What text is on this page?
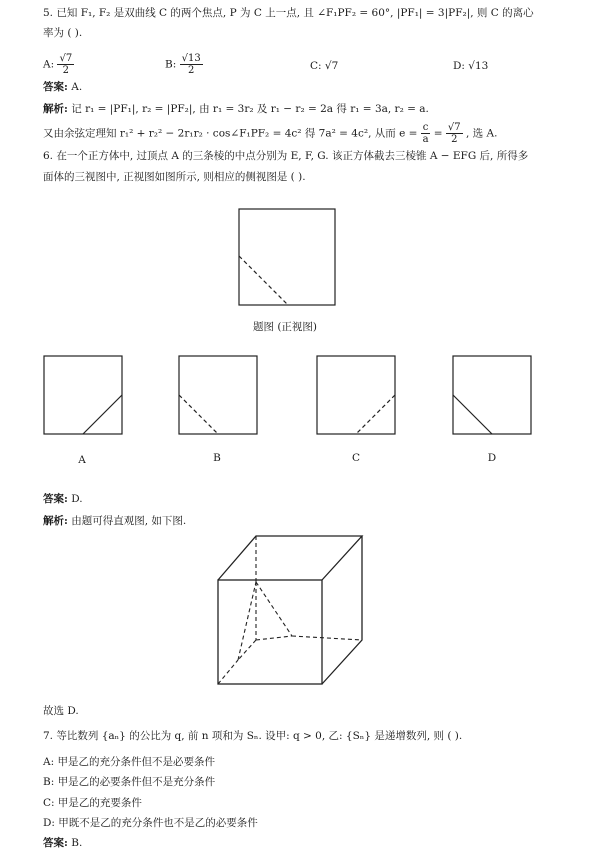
5. 已知 F₁, F₂ 是双曲线 C 的两个焦点, P 为 C 上一点, 且 ∠F₁PF₂ = 60°, |PF₁| = 3|PF₂|, 则 C 的离心
率为 ( ).
A: $\frac{√7}{2}$	B: $\frac{√13}{2}$	C: √7	D: √13
答案: A.
解析: 记 r₁ = |PF₁|, r₂ = |PF₂|, 由 r₁ = 3r₂ 及 r₁ − r₂ = 2a 得 r₁ = 3a, r₂ = a.
又由余弦定理知 r₁² + r₂² − 2r₁r₂ · cos∠F₁PF₂ = 4c² 得 7a² = 4c², 从而 $e = \frac{c}{a} = \frac{√7}{2}$ , 选 A.
6. 在一个正方体中, 过顶点 A 的三条棱的中点分别为 E, F, G. 该正方体截去三棱锥 A − EFG 后, 所得多
面体的三视图中, 正视图如图所示, 则相应的侧视图是 ( ).
题图 (正视图)
A	B	C	D
答案: D.
解析: 由题可得直观图, 如下图.
故选 D.
7. 等比数列 {aₙ} 的公比为 q, 前 n 项和为 Sₙ. 设甲: q > 0, 乙: {Sₙ} 是递增数列, 则 ( ).
A: 甲是乙的充分条件但不是必要条件
B: 甲是乙的必要条件但不是充分条件
C: 甲是乙的充要条件
D: 甲既不是乙的充分条件也不是乙的必要条件
答案: B.
